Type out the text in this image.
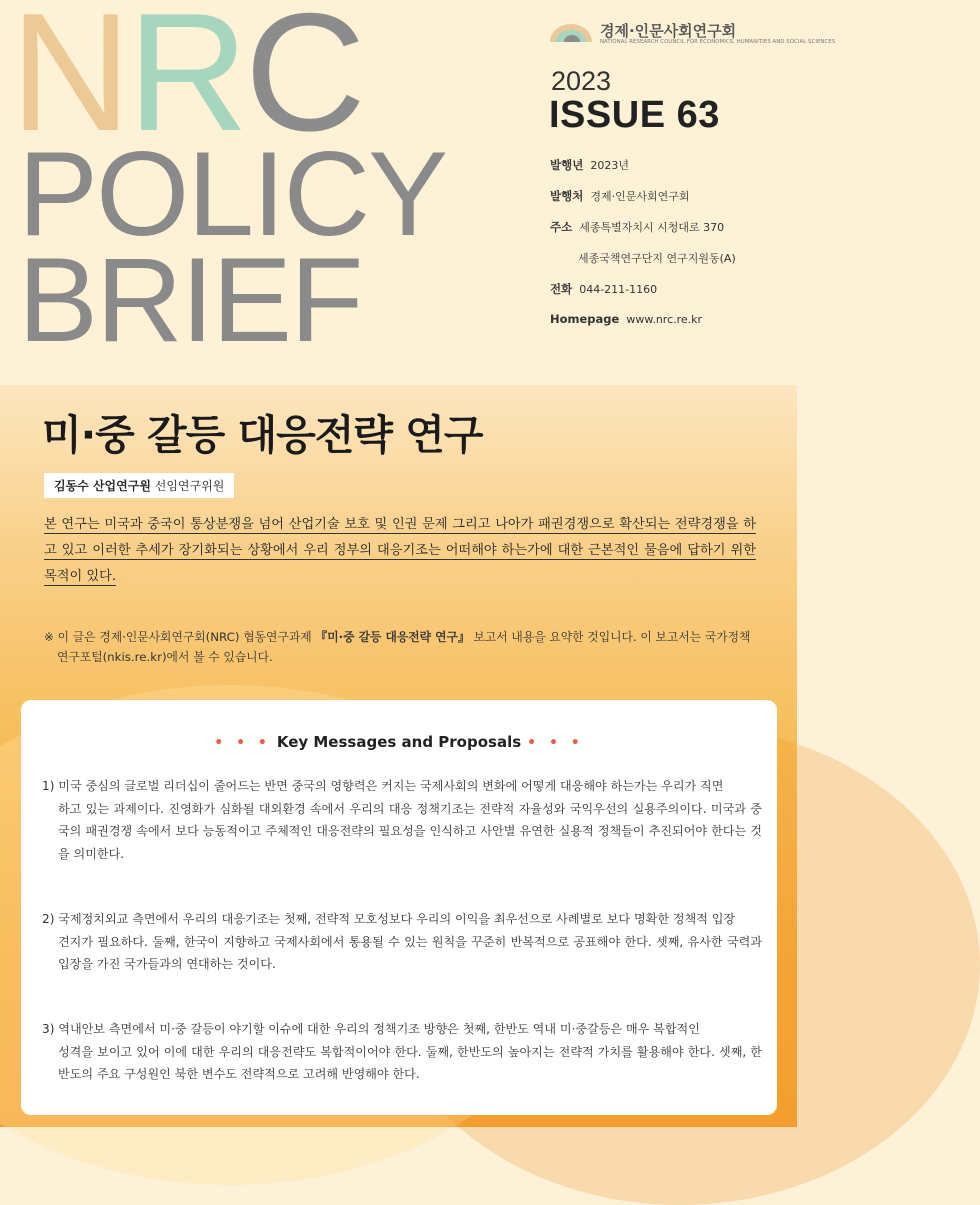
NRC
POLICY
BRIEF
경제·인문사회연구회
NATIONAL RESEARCH COUNCIL FOR ECONOMICS, HUMANITIES AND SOCIAL SCIENCES
2023
ISSUE 63
발행년 2023년
발행처 경제·인문사회연구회
주소 세종특별자치시 시청대로 370
세종국책연구단지 연구지원동(A)
전화 044-211-1160
Homepage www.nrc.re.kr
미·중 갈등 대응전략 연구
김동수 산업연구원 선임연구위원
본 연구는 미국과 중국이 통상분쟁을 넘어 산업기술 보호 및 인권 문제 그리고 나아가 패권경쟁으로 확산되는 전략경쟁을 하고 있고 이러한 추세가 장기화되는 상황에서 우리 정부의 대응기조는 어떠해야 하는가에 대한 근본적인 물음에 답하기 위한 목적이 있다.
※ 이 글은 경제·인문사회연구회(NRC) 협동연구과제 『미·중 갈등 대응전략 연구』 보고서 내용을 요약한 것입니다. 이 보고서는 국가정책
연구포털(nkis.re.kr)에서 볼 수 있습니다.
• • • Key Messages and Proposals • • •
1) 미국 중심의 글로벌 리더십이 줄어드는 반면 중국의 영향력은 커지는 국제사회의 변화에 어떻게 대응해야 하는가는 우리가 직면
하고 있는 과제이다. 진영화가 심화될 대외환경 속에서 우리의 대응 정책기조는 전략적 자율성와 국익우선의 실용주의이다. 미국과 중국의 패권경쟁 속에서 보다 능동적이고 주체적인 대응전략의 필요성을 인식하고 사안별 유연한 실용적 정책들이 추진되어야 한다는 것을 의미한다.
2) 국제정치외교 측면에서 우리의 대응기조는 첫째, 전략적 모호성보다 우리의 이익을 최우선으로 사례별로 보다 명확한 정책적 입장
견지가 필요하다. 둘째, 한국이 지향하고 국제사회에서 통용될 수 있는 원칙을 꾸준히 반복적으로 공표해야 한다. 셋째, 유사한 국력과 입장을 가진 국가들과의 연대하는 것이다.
3) 역내안보 측면에서 미·중 갈등이 야기할 이슈에 대한 우리의 정책기조 방향은 첫째, 한반도 역내 미·중갈등은 매우 복합적인
성격을 보이고 있어 이에 대한 우리의 대응전략도 복합적이어야 한다. 둘째, 한반도의 높아지는 전략적 가치를 활용해야 한다. 셋째, 한반도의 주요 구성원인 북한 변수도 전략적으로 고려해 반영해야 한다.
